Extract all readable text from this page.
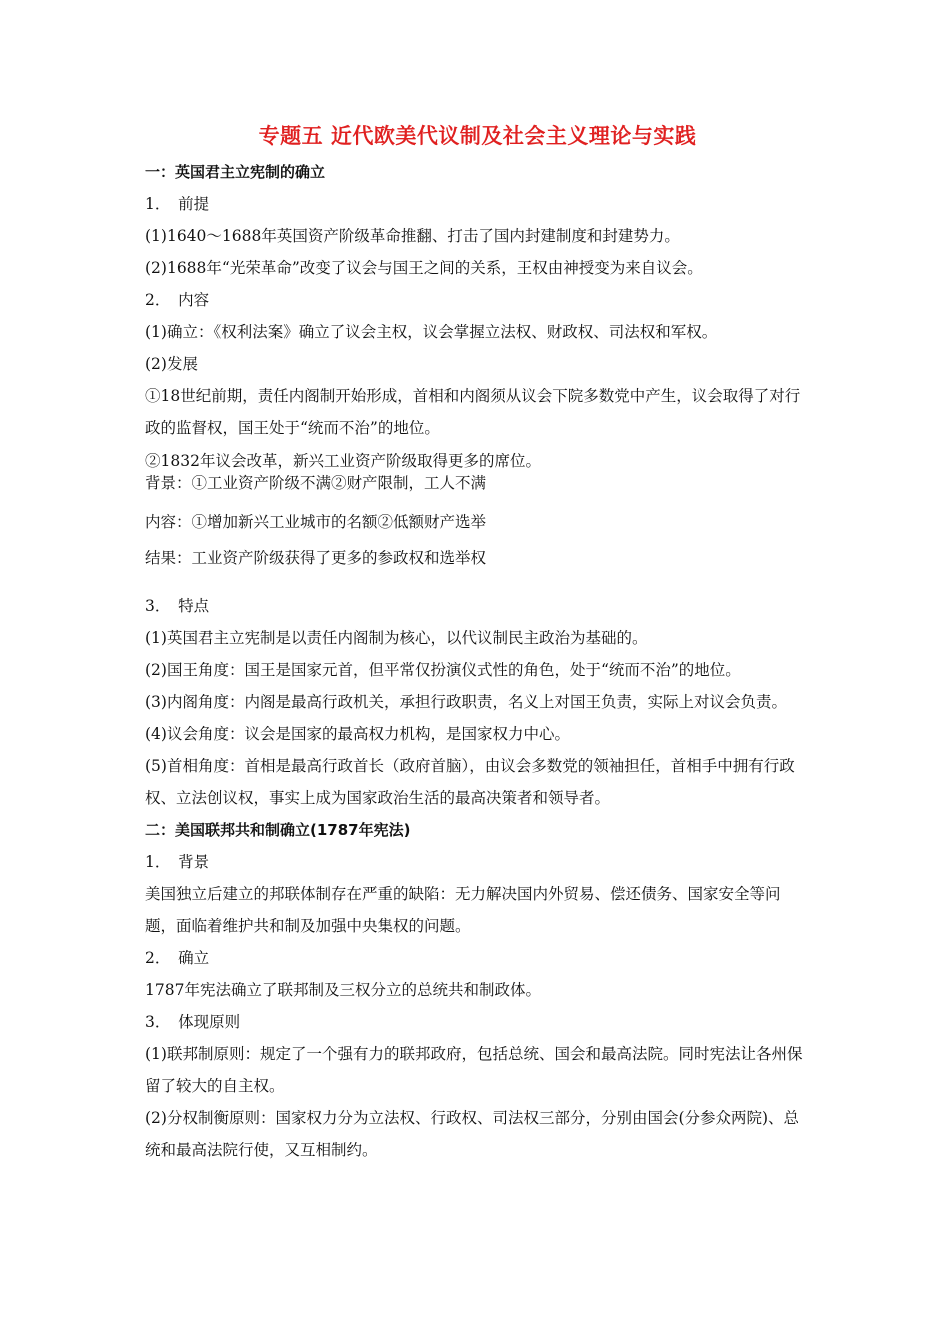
专题五 近代欧美代议制及社会主义理论与实践
一：英国君主立宪制的确立
1．　前提
(1)1640～1688年英国资产阶级革命推翻、打击了国内封建制度和封建势力。
(2)1688年“光荣革命”改变了议会与国王之间的关系，王权由神授变为来自议会。
2．　内容
(1)确立：《权利法案》确立了议会主权，议会掌握立法权、财政权、司法权和军权。
(2)发展
①18世纪前期，责任内阁制开始形成，首相和内阁须从议会下院多数党中产生，议会取得了对行政的监督权，国王处于“统而不治”的地位。
②1832年议会改革，新兴工业资产阶级取得更多的席位。
背景：①工业资产阶级不满②财产限制，工人不满
内容：①增加新兴工业城市的名额②低额财产选举
结果：工业资产阶级获得了更多的参政权和选举权
3．　特点
(1)英国君主立宪制是以责任内阁制为核心，以代议制民主政治为基础的。
(2)国王角度：国王是国家元首，但平常仅扮演仪式性的角色，处于“统而不治”的地位。
(3)内阁角度：内阁是最高行政机关，承担行政职责，名义上对国王负责，实际上对议会负责。
(4)议会角度：议会是国家的最高权力机构，是国家权力中心。
(5)首相角度：首相是最高行政首长（政府首脑），由议会多数党的领袖担任，首相手中拥有行政权、立法创议权，事实上成为国家政治生活的最高决策者和领导者。
二：美国联邦共和制确立(1787年宪法)
1．　背景
美国独立后建立的邦联体制存在严重的缺陷：无力解决国内外贸易、偿还债务、国家安全等问题，面临着维护共和制及加强中央集权的问题。
2．　确立
1787年宪法确立了联邦制及三权分立的总统共和制政体。
3．　体现原则
(1)联邦制原则：规定了一个强有力的联邦政府，包括总统、国会和最高法院。同时宪法让各州保留了较大的自主权。
(2)分权制衡原则：国家权力分为立法权、行政权、司法权三部分，分别由国会(分参众两院)、总统和最高法院行使，又互相制约。
